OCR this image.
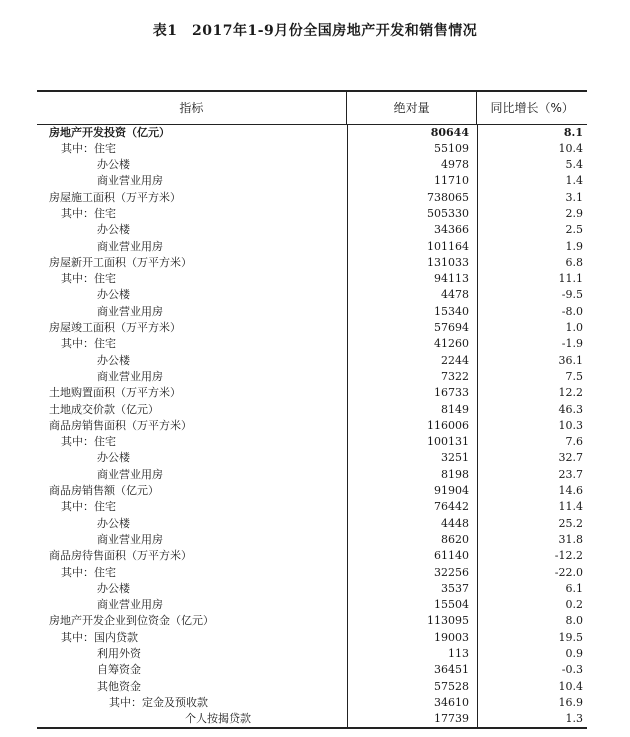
表1　2017年1-9月份全国房地产开发和销售情况
指标	绝对量	同比增长（%）
房地产开发投资（亿元）	80644	8.1
其中：住宅	55109	10.4
办公楼	4978	5.4
商业营业用房	11710	1.4
房屋施工面积（万平方米）	738065	3.1
其中：住宅	505330	2.9
办公楼	34366	2.5
商业营业用房	101164	1.9
房屋新开工面积（万平方米）	131033	6.8
其中：住宅	94113	11.1
办公楼	4478	-9.5
商业营业用房	15340	-8.0
房屋竣工面积（万平方米）	57694	1.0
其中：住宅	41260	-1.9
办公楼	2244	36.1
商业营业用房	7322	7.5
土地购置面积（万平方米）	16733	12.2
土地成交价款（亿元）	8149	46.3
商品房销售面积（万平方米）	116006	10.3
其中：住宅	100131	7.6
办公楼	3251	32.7
商业营业用房	8198	23.7
商品房销售额（亿元）	91904	14.6
其中：住宅	76442	11.4
办公楼	4448	25.2
商业营业用房	8620	31.8
商品房待售面积（万平方米）	61140	-12.2
其中：住宅	32256	-22.0
办公楼	3537	6.1
商业营业用房	15504	0.2
房地产开发企业到位资金（亿元）	113095	8.0
其中：国内贷款	19003	19.5
利用外资	113	0.9
自筹资金	36451	-0.3
其他资金	57528	10.4
其中：定金及预收款	34610	16.9
个人按揭贷款	17739	1.3
